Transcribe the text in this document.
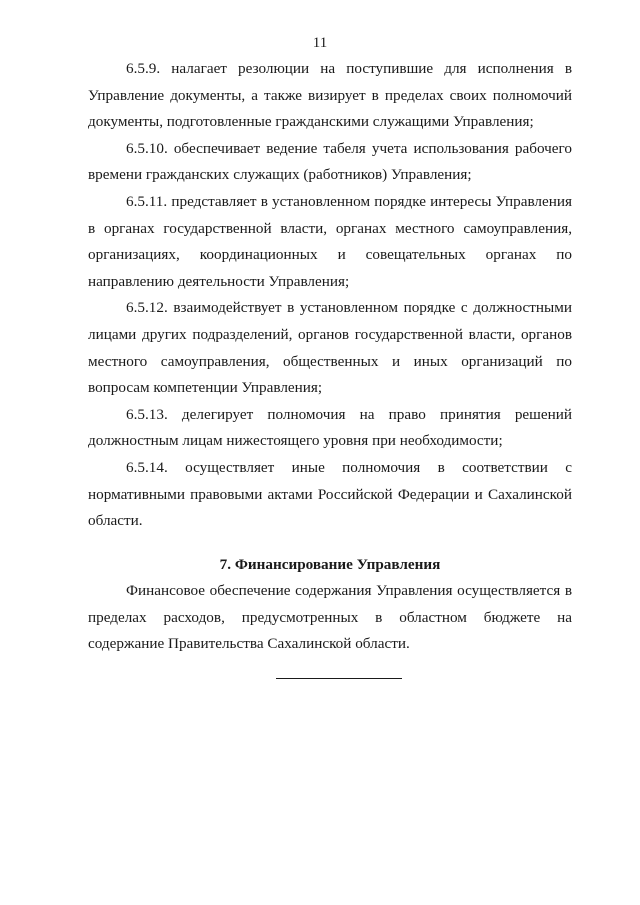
11

6.5.9. налагает резолюции на поступившие для исполнения в Управление документы, а также визирует в пределах своих полномочий документы, подготовленные гражданскими служащими Управления;

6.5.10. обеспечивает ведение табеля учета использования рабочего времени гражданских служащих (работников) Управления;

6.5.11. представляет в установленном порядке интересы Управления в органах государственной власти, органах местного самоуправления, организациях, координационных и совещательных органах по направлению деятельности Управления;

6.5.12. взаимодействует в установленном порядке с должностными лицами других подразделений, органов государственной власти, органов местного самоуправления, общественных и иных организаций по вопросам компетенции Управления;

6.5.13. делегирует полномочия на право принятия решений должностным лицам нижестоящего уровня при необходимости;

6.5.14. осуществляет иные полномочия в соответствии с нормативными правовыми актами Российской Федерации и Сахалинской области.

7. Финансирование Управления

Финансовое обеспечение содержания Управления осуществляется в пределах расходов, предусмотренных в областном бюджете на содержание Правительства Сахалинской области.
